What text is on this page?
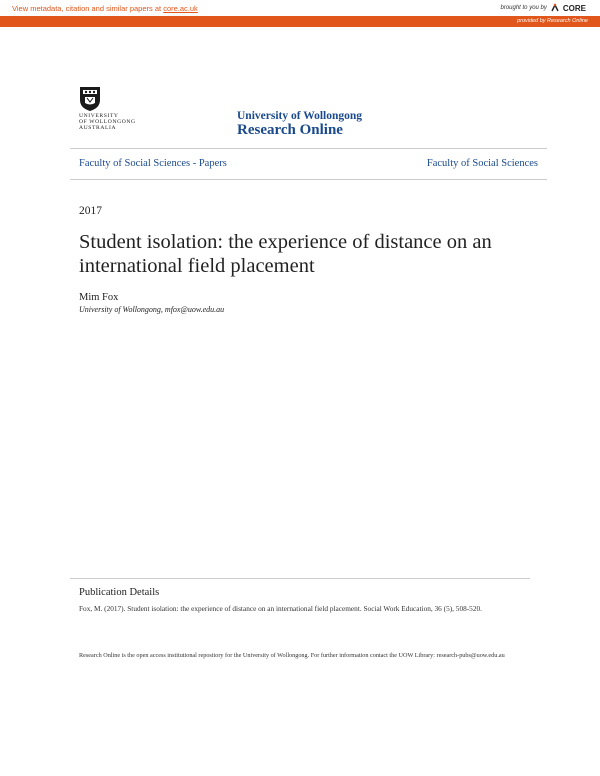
View metadata, citation and similar papers at core.ac.uk	brought to you by CORE
provided by Research Online
UNIVERSITY
OF WOLLONGONG
AUSTRALIA
University of Wollongong
Research Online
Faculty of Social Sciences - Papers	Faculty of Social Sciences
2017
Student isolation: the experience of distance on an international field placement
Mim Fox
University of Wollongong, mfox@uow.edu.au
Publication Details
Fox, M. (2017). Student isolation: the experience of distance on an international field placement. Social Work Education, 36 (5), 508-520.
Research Online is the open access institutional repository for the University of Wollongong. For further information contact the UOW Library: research-pubs@uow.edu.au
